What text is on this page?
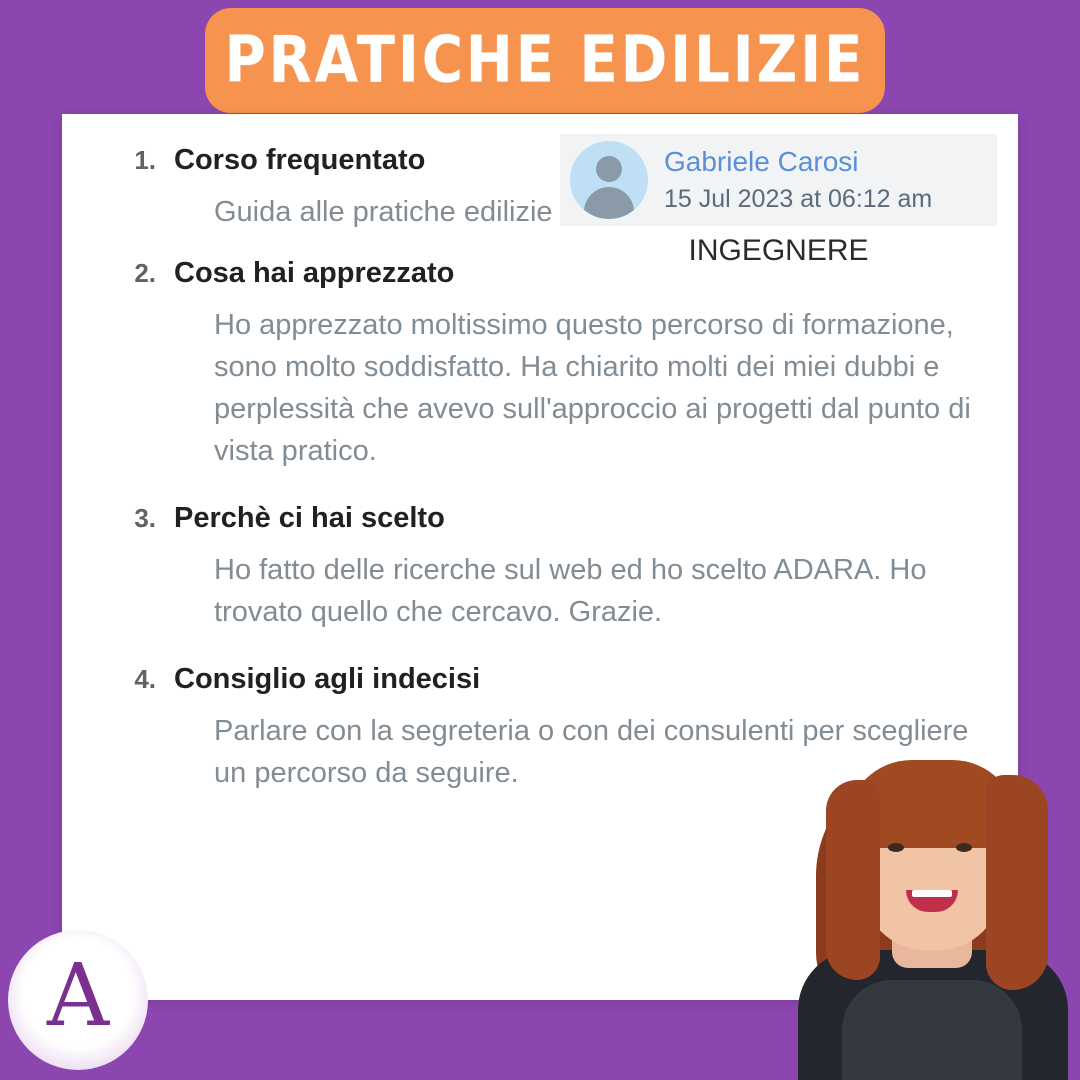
PRATICHE EDILIZIE
Gabriele Carosi
15 Jul 2023 at 06:12 am
INGEGNERE
1. Corso frequentato
Guida alle pratiche edilizie
2. Cosa hai apprezzato
Ho apprezzato moltissimo questo percorso di formazione, sono molto soddisfatto. Ha chiarito molti dei miei dubbi e perplessità che avevo sull'approccio ai progetti dal punto di vista pratico.
3. Perchè ci hai scelto
Ho fatto delle ricerche sul web ed ho scelto ADARA. Ho trovato quello che cercavo. Grazie.
4. Consiglio agli indecisi
Parlare con la segreteria o con dei consulenti per scegliere un percorso da seguire.
A
